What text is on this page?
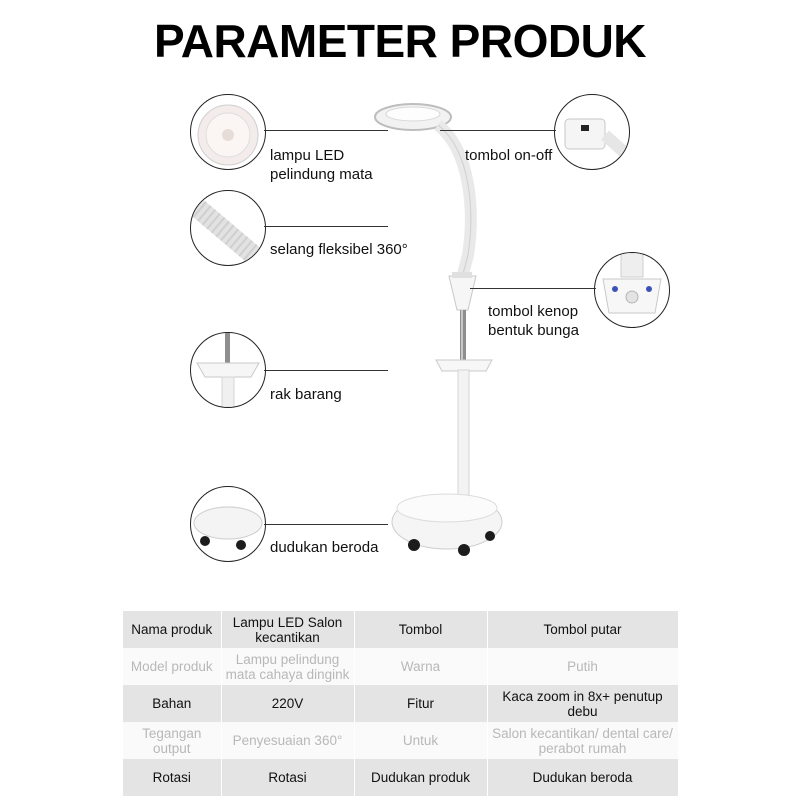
PARAMETER PRODUK
lampu LED
pelindung mata
selang fleksibel 360°
rak barang
dudukan beroda
tombol on-off
tombol kenop
bentuk bunga
Nama produk	Lampu LED Salon kecantikan	Tombol	Tombol putar
Model produk	Lampu pelindung mata cahaya dingink	Warna	Putih
Bahan	220V	Fitur	Kaca zoom in 8x+ penutup debu
Tegangan output	Penyesuaian 360°	Untuk	Salon kecantikan/ dental care/ perabot rumah
Rotasi	Rotasi	Dudukan produk	Dudukan beroda
